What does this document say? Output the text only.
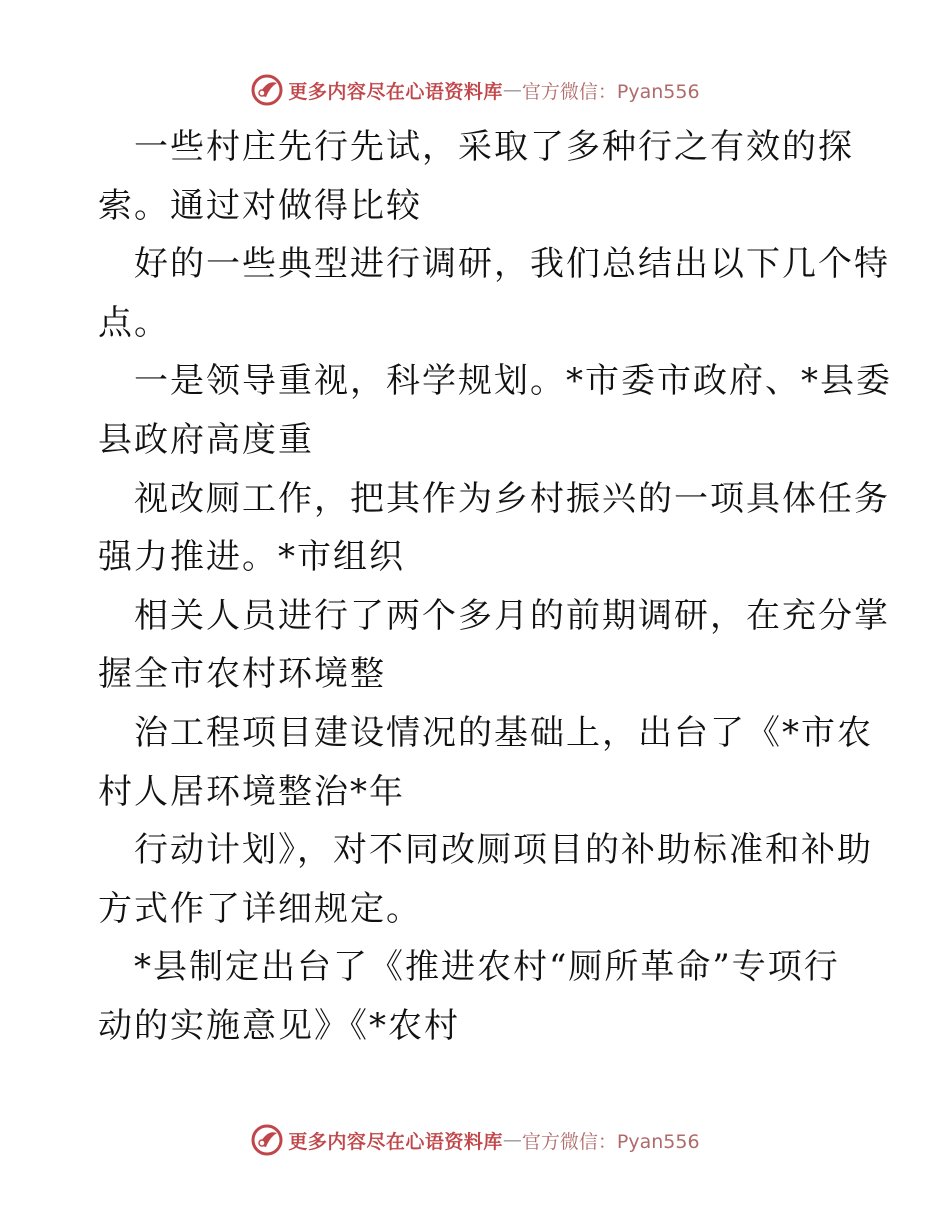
更多内容尽在心语资料库 — 官方微信：Pyan556
一些村庄先行先试，采取了多种行之有效的探
索。通过对做得比较
好的一些典型进行调研，我们总结出以下几个特
点。
一是领导重视，科学规划。*市委市政府、*县委
县政府高度重
视改厕工作，把其作为乡村振兴的一项具体任务
强力推进。*市组织
相关人员进行了两个多月的前期调研，在充分掌
握全市农村环境整
治工程项目建设情况的基础上，出台了《*市农
村人居环境整治*年
行动计划》，对不同改厕项目的补助标准和补助
方式作了详细规定。
*县制定出台了《推进农村“厕所革命”专项行
动的实施意见》《*农村
更多内容尽在心语资料库 — 官方微信：Pyan556
